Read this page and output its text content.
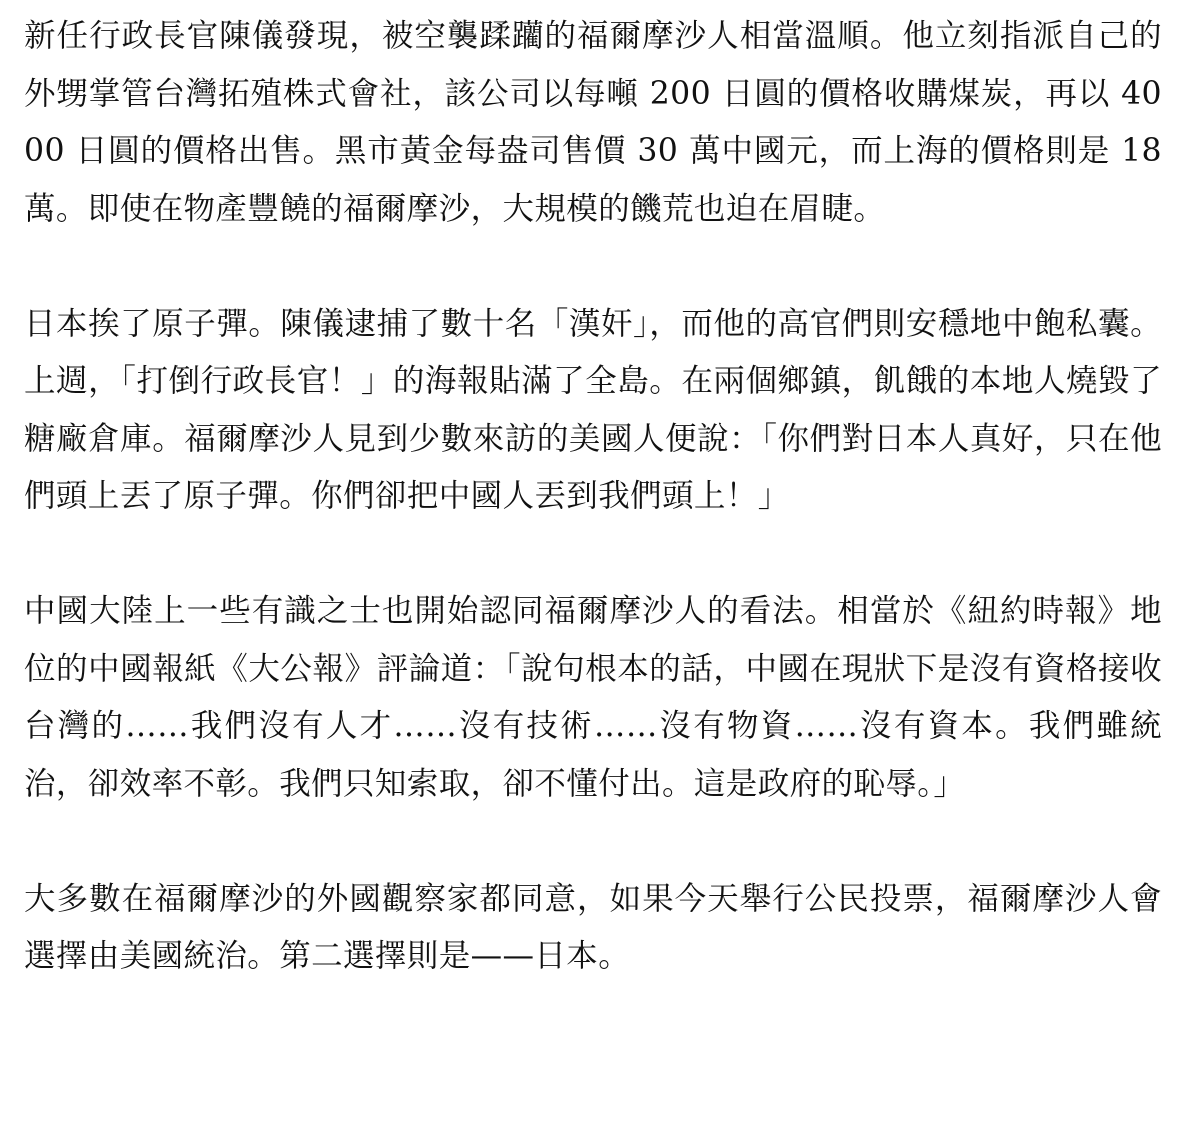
新任行政長官陳儀發現，被空襲蹂躪的福爾摩沙人相當溫順。他立刻指派自己的外甥掌管台灣拓殖株式會社，該公司以每噸 200 日圓的價格收購煤炭，再以 4000 日圓的價格出售。黑市黃金每盎司售價 30 萬中國元，而上海的價格則是 18 萬。即使在物產豐饒的福爾摩沙，大規模的饑荒也迫在眉睫。

日本挨了原子彈。陳儀逮捕了數十名「漢奸」，而他的高官們則安穩地中飽私囊。上週，「打倒行政長官！」的海報貼滿了全島。在兩個鄉鎮，飢餓的本地人燒毀了糖廠倉庫。福爾摩沙人見到少數來訪的美國人便說：「你們對日本人真好，只在他們頭上丟了原子彈。你們卻把中國人丟到我們頭上！」

中國大陸上一些有識之士也開始認同福爾摩沙人的看法。相當於《紐約時報》地位的中國報紙《大公報》評論道：「說句根本的話，中國在現狀下是沒有資格接收台灣的……我們沒有人才……沒有技術……沒有物資……沒有資本。我們雖統治，卻效率不彰。我們只知索取，卻不懂付出。這是政府的恥辱。」

大多數在福爾摩沙的外國觀察家都同意，如果今天舉行公民投票，福爾摩沙人會選擇由美國統治。第二選擇則是——日本。
